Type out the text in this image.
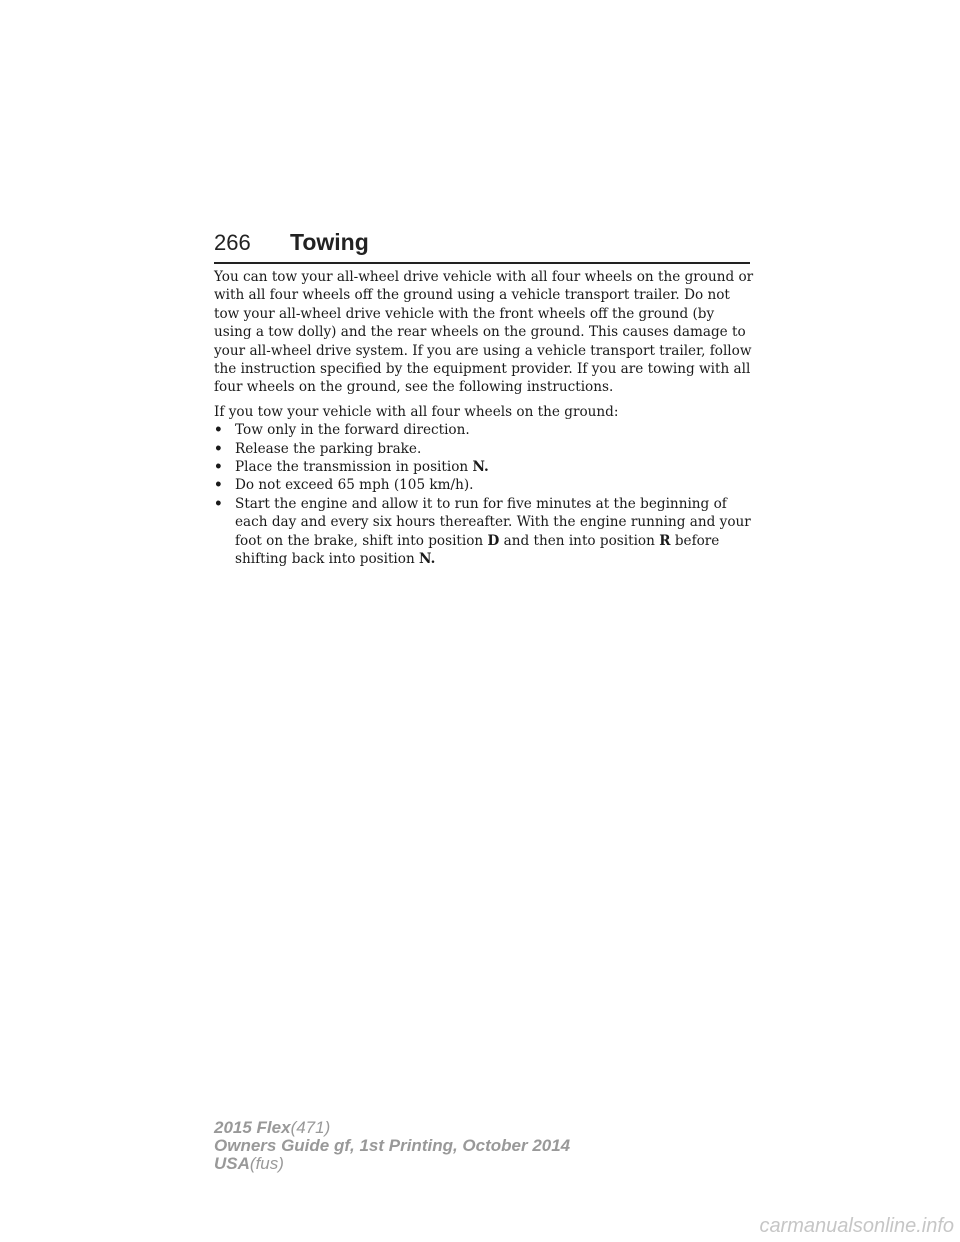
266 Towing

You can tow your all-wheel drive vehicle with all four wheels on the ground or with all four wheels off the ground using a vehicle transport trailer. Do not tow your all-wheel drive vehicle with the front wheels off the ground (by using a tow dolly) and the rear wheels on the ground. This causes damage to your all-wheel drive system. If you are using a vehicle transport trailer, follow the instruction specified by the equipment provider. If you are towing with all four wheels on the ground, see the following instructions.

If you tow your vehicle with all four wheels on the ground:
• Tow only in the forward direction.
• Release the parking brake.
• Place the transmission in position N.
• Do not exceed 65 mph (105 km/h).
• Start the engine and allow it to run for five minutes at the beginning of each day and every six hours thereafter. With the engine running and your foot on the brake, shift into position D and then into position R before shifting back into position N.
2015 Flex(471)
Owners Guide gf, 1st Printing, October 2014
USA(fus)
carmanualsonline.info
